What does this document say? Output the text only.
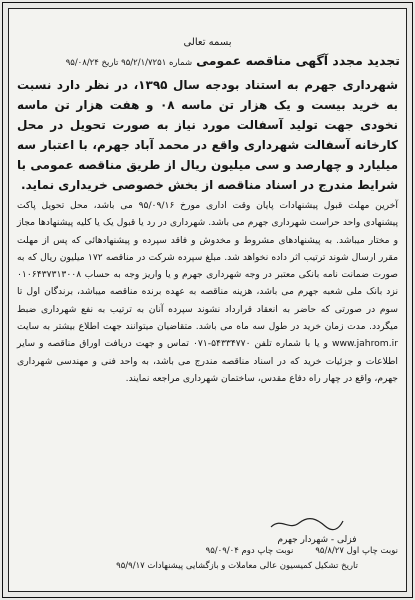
بسمه تعالی
تجدید مجدد آگهی مناقصه عمومی
شماره ۹۵/۲/۱/۷۲۵۱ تاریخ ۹۵/۰۸/۲۴
شهرداری جهرم به استناد بودجه سال ۱۳۹۵، در نظر دارد نسبت به خرید بیست و یک هزار تن ماسه ۰۸ و هفت هزار تن ماسه نخودی جهت تولید آسفالت مورد نیاز به صورت تحویل در محل کارخانه آسفالت شهرداری واقع در محمد آباد جهرم، با اعتبار سه میلیارد و چهارصد و سی میلیون ریال از طریق مناقصه عمومی با شرایط مندرج در اسناد مناقصه از بخش خصوصی خریداری نماید.
آخرین مهلت قبول پیشنهادات پایان وقت اداری مورخ ۹۵/۰۹/۱۶ می باشد، محل تحویل پاکت پیشنهادی واحد حراست شهرداری جهرم می باشد. شهرداری در رد یا قبول یک یا کلیه پیشنهادها مجاز و مختار میباشد. به پیشنهادهای مشروط و مخدوش و فاقد سپرده و پیشنهادهائی که پس از مهلت مقرر ارسال شوند ترتیب اثر داده نخواهد شد. مبلغ سپرده شرکت در مناقصه ۱۷۲ میلیون ریال که به صورت ضمانت نامه بانکی معتبر در وجه شهرداری جهرم و یا واریز وجه به حساب ۰۱۰۶۴۳۷۳۱۳۰۰۸ نزد بانک ملی شعبه جهرم می باشد، هزینه مناقصه به عهده برنده مناقصه میباشد، برندگان اول تا سوم در صورتی که حاضر به انعقاد قرارداد نشوند سپرده آنان به ترتیب به نفع شهرداری ضبط میگردد. مدت زمان خرید در طول سه ماه می باشد. متقاضیان میتوانند جهت اطلاع بیشتر به سایت www.jahrom.ir و یا با شماره تلفن ۵۴۳۳۴۷۷۰-۰۷۱ تماس و جهت دریافت اوراق مناقصه و سایر اطلاعات و جزئیات خرید که در اسناد مناقصه مندرج می باشد، به واحد فنی و مهندسی شهرداری جهرم، واقع در چهار راه دفاع مقدس، ساختمان شهرداری مراجعه نمایند.
فزلی - شهردار جهرم
نوبت چاپ اول ۹۵/۸/۲۷
نوبت چاپ دوم ۹۵/۰۹/۰۴
تاریخ تشکیل کمیسیون عالی معاملات و بازگشایی پیشنهادات ۹۵/۹/۱۷
